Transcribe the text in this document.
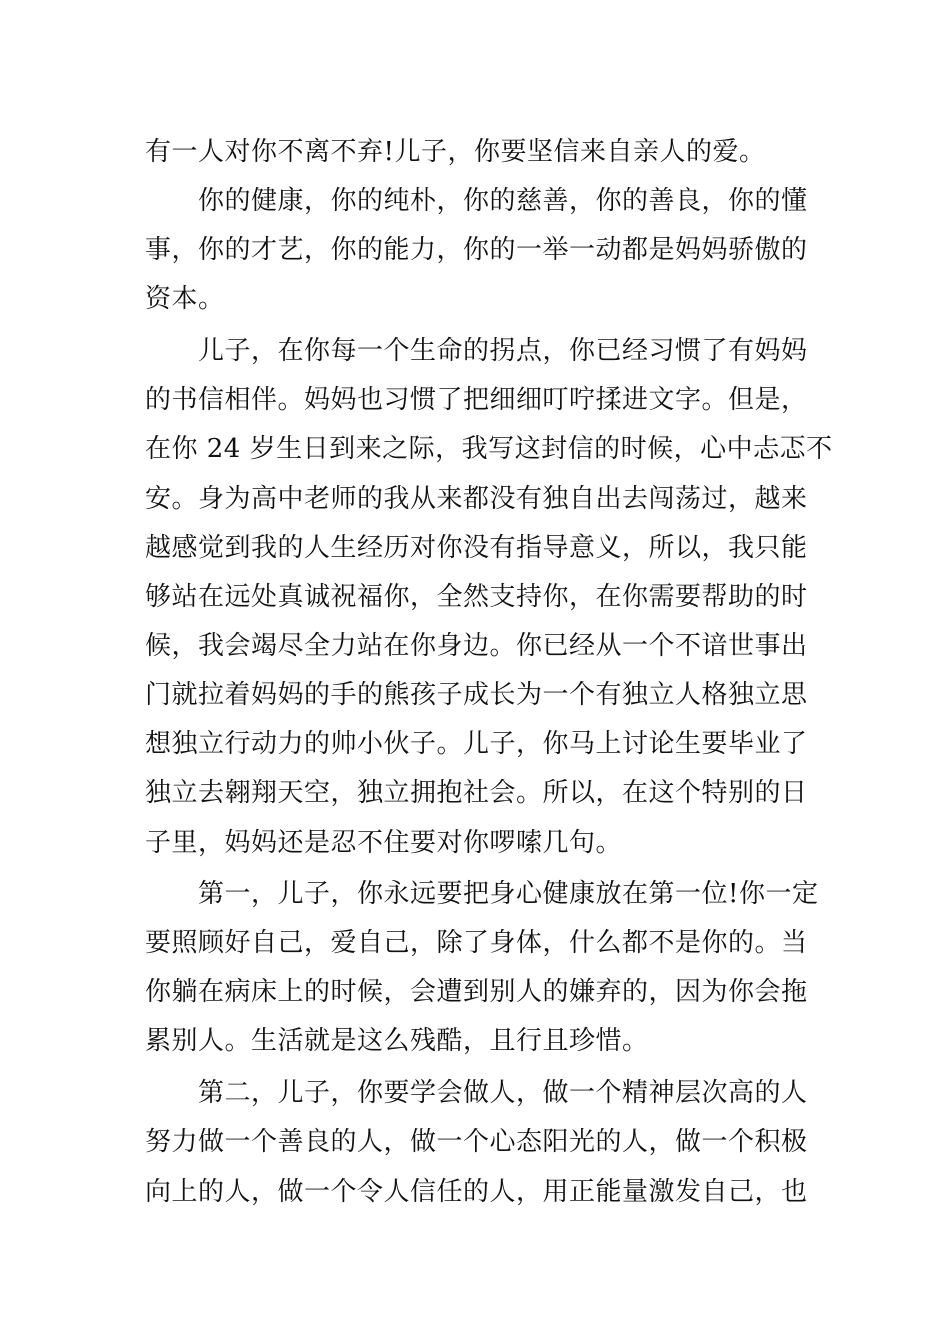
有一人对你不离不弃!儿子，你要坚信来自亲人的爱。
你的健康，你的纯朴，你的慈善，你的善良，你的懂
事，你的才艺，你的能力，你的一举一动都是妈妈骄傲的
资本。
儿子，在你每一个生命的拐点，你已经习惯了有妈妈
的书信相伴。妈妈也习惯了把细细叮咛揉进文字。但是，
在你 24 岁生日到来之际，我写这封信的时候，心中忐忑不
安。身为高中老师的我从来都没有独自出去闯荡过，越来
越感觉到我的人生经历对你没有指导意义，所以，我只能
够站在远处真诚祝福你，全然支持你，在你需要帮助的时
候，我会竭尽全力站在你身边。你已经从一个不谙世事出
门就拉着妈妈的手的熊孩子成长为一个有独立人格独立思
想独立行动力的帅小伙子。儿子，你马上讨论生要毕业了
独立去翱翔天空，独立拥抱社会。所以，在这个特别的日
子里，妈妈还是忍不住要对你啰嗦几句。
第一，儿子，你永远要把身心健康放在第一位!你一定
要照顾好自己，爱自己，除了身体，什么都不是你的。当
你躺在病床上的时候，会遭到别人的嫌弃的，因为你会拖
累别人。生活就是这么残酷，且行且珍惜。
第二，儿子，你要学会做人，做一个精神层次高的人
努力做一个善良的人，做一个心态阳光的人，做一个积极
向上的人，做一个令人信任的人，用正能量激发自己，也
